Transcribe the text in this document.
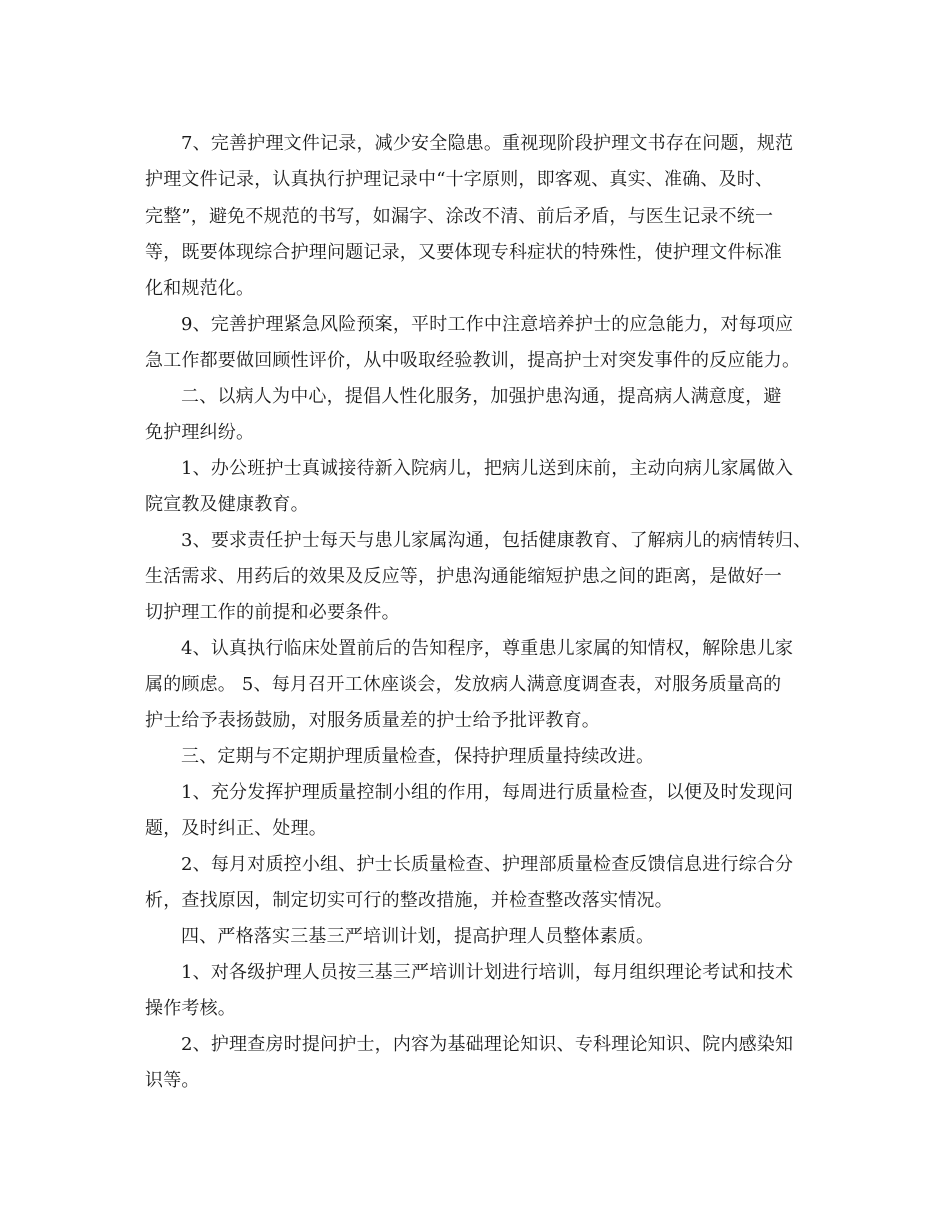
7、完善护理文件记录，减少安全隐患。重视现阶段护理文书存在问题，规范

护理文件记录，认真执行护理记录中“十字原则，即客观、真实、准确、及时、

完整”，避免不规范的书写，如漏字、涂改不清、前后矛盾，与医生记录不统一

等，既要体现综合护理问题记录，又要体现专科症状的特殊性，使护理文件标准

化和规范化。

9、完善护理紧急风险预案，平时工作中注意培养护士的应急能力，对每项应

急工作都要做回顾性评价，从中吸取经验教训，提高护士对突发事件的反应能力。

二、以病人为中心，提倡人性化服务，加强护患沟通，提高病人满意度，避

免护理纠纷。

1、办公班护士真诚接待新入院病儿，把病儿送到床前，主动向病儿家属做入

院宣教及健康教育。

3、要求责任护士每天与患儿家属沟通，包括健康教育、了解病儿的病情转归、

生活需求、用药后的效果及反应等，护患沟通能缩短护患之间的距离，是做好一

切护理工作的前提和必要条件。

4、认真执行临床处置前后的告知程序，尊重患儿家属的知情权，解除患儿家

属的顾虑。 5、每月召开工休座谈会，发放病人满意度调查表，对服务质量高的

护士给予表扬鼓励，对服务质量差的护士给予批评教育。

三、定期与不定期护理质量检查，保持护理质量持续改进。

1、充分发挥护理质量控制小组的作用，每周进行质量检查，以便及时发现问

题，及时纠正、处理。

2、每月对质控小组、护士长质量检查、护理部质量检查反馈信息进行综合分

析，查找原因，制定切实可行的整改措施，并检查整改落实情况。

四、严格落实三基三严培训计划，提高护理人员整体素质。

1、对各级护理人员按三基三严培训计划进行培训，每月组织理论考试和技术

操作考核。

2、护理查房时提问护士，内容为基础理论知识、专科理论知识、院内感染知

识等。
